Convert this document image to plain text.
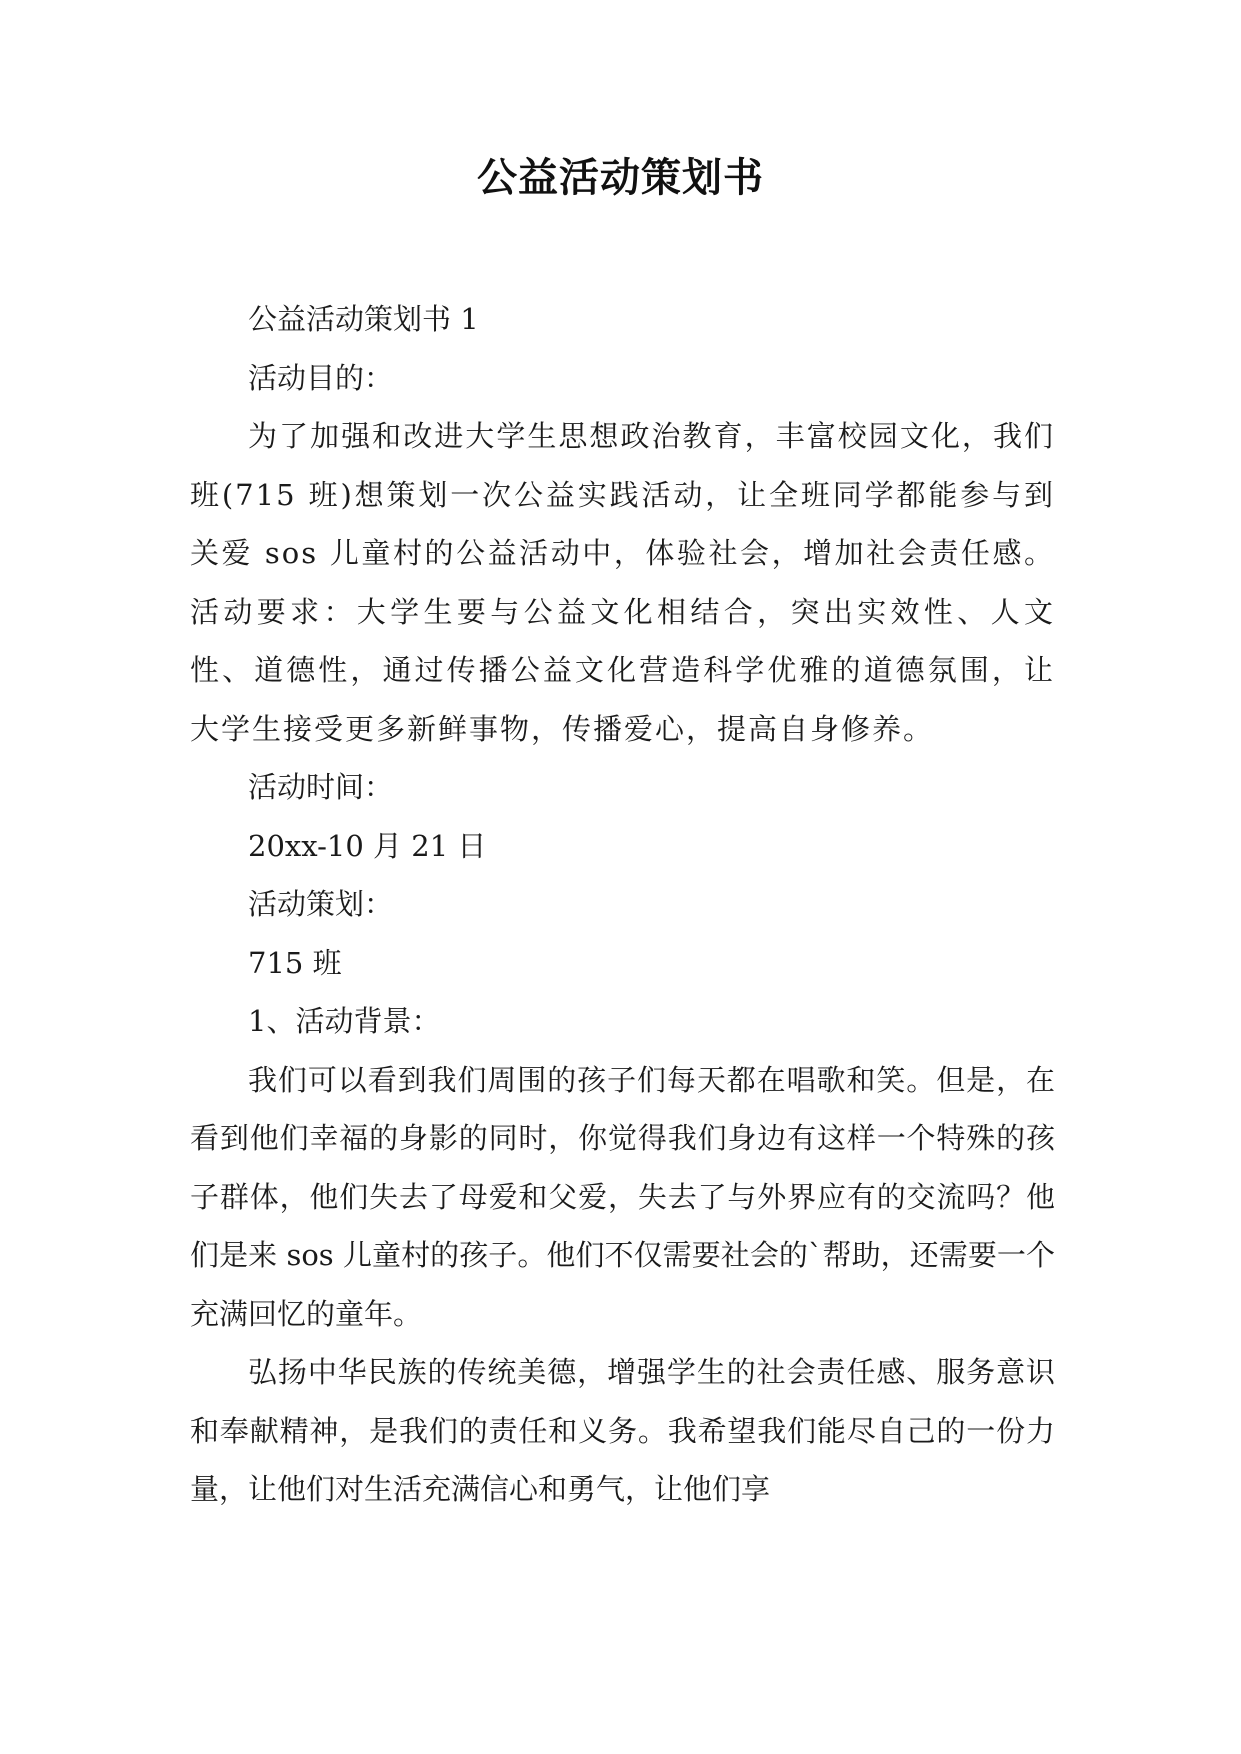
公益活动策划书

公益活动策划书 1

活动目的：

为了加强和改进大学生思想政治教育，丰富校园文化，我们班(715 班)想策划一次公益实践活动，让全班同学都能参与到关爱 sos 儿童村的公益活动中，体验社会，增加社会责任感。活动要求：大学生要与公益文化相结合，突出实效性、人文性、道德性，通过传播公益文化营造科学优雅的道德氛围，让大学生接受更多新鲜事物，传播爱心，提高自身修养。

活动时间：

20xx-10 月 21 日

活动策划：

715 班

1、活动背景：

我们可以看到我们周围的孩子们每天都在唱歌和笑。但是，在看到他们幸福的身影的同时，你觉得我们身边有这样一个特殊的孩子群体，他们失去了母爱和父爱，失去了与外界应有的交流吗？他们是来 sos 儿童村的孩子。他们不仅需要社会的`帮助，还需要一个充满回忆的童年。

弘扬中华民族的传统美德，增强学生的社会责任感、服务意识和奉献精神，是我们的责任和义务。我希望我们能尽自己的一份力量，让他们对生活充满信心和勇气，让他们享
